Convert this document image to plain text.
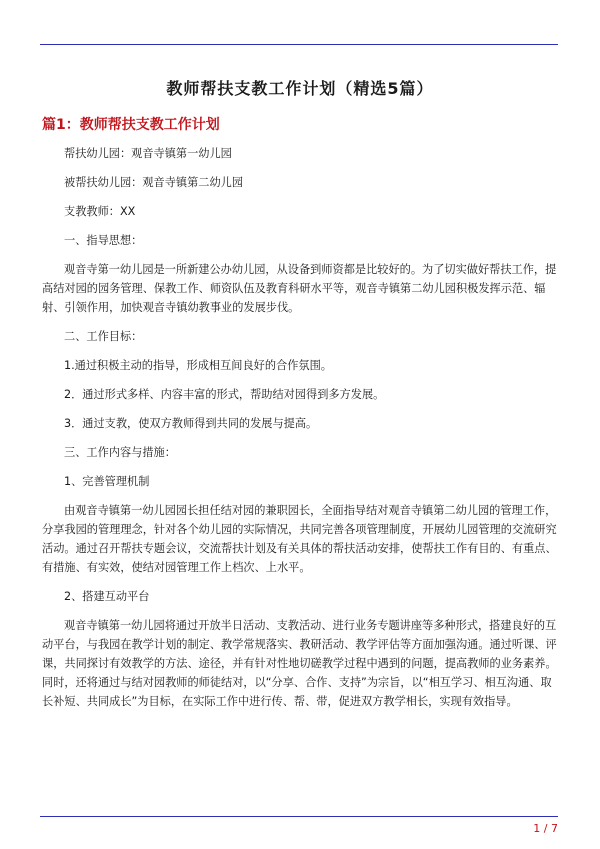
教师帮扶支教工作计划（精选5篇）
篇1：教师帮扶支教工作计划

帮扶幼儿园：观音寺镇第一幼儿园

被帮扶幼儿园：观音寺镇第二幼儿园

支教教师：XX

一、指导思想：

观音寺第一幼儿园是一所新建公办幼儿园，从设备到师资都是比较好的。为了切实做好帮扶工作，提高结对园的园务管理、保教工作、师资队伍及教育科研水平等，观音寺镇第二幼儿园积极发挥示范、辐射、引领作用，加快观音寺镇幼教事业的发展步伐。

二、工作目标：

1.通过积极主动的指导，形成相互间良好的合作氛围。

2．通过形式多样、内容丰富的形式，帮助结对园得到多方发展。

3．通过支教，使双方教师得到共同的发展与提高。

三、工作内容与措施：

1、完善管理机制

由观音寺镇第一幼儿园园长担任结对园的兼职园长，全面指导结对观音寺镇第二幼儿园的管理工作，分享我园的管理理念，针对各个幼儿园的实际情况，共同完善各项管理制度，开展幼儿园管理的交流研究活动。通过召开帮扶专题会议，交流帮扶计划及有关具体的帮扶活动安排，使帮扶工作有目的、有重点、有措施、有实效，使结对园管理工作上档次、上水平。

2、搭建互动平台

观音寺镇第一幼儿园将通过开放半日活动、支教活动、进行业务专题讲座等多种形式，搭建良好的互动平台，与我园在教学计划的制定、教学常规落实、教研活动、教学评估等方面加强沟通。通过听课、评课，共同探讨有效教学的方法、途径，并有针对性地切磋教学过程中遇到的问题，提高教师的业务素养。同时，还将通过与结对园教师的师徒结对，以“分享、合作、支持”为宗旨，以“相互学习、相互沟通、取长补短、共同成长”为目标，在实际工作中进行传、帮、带，促进双方教学相长，实现有效指导。

1 / 7
